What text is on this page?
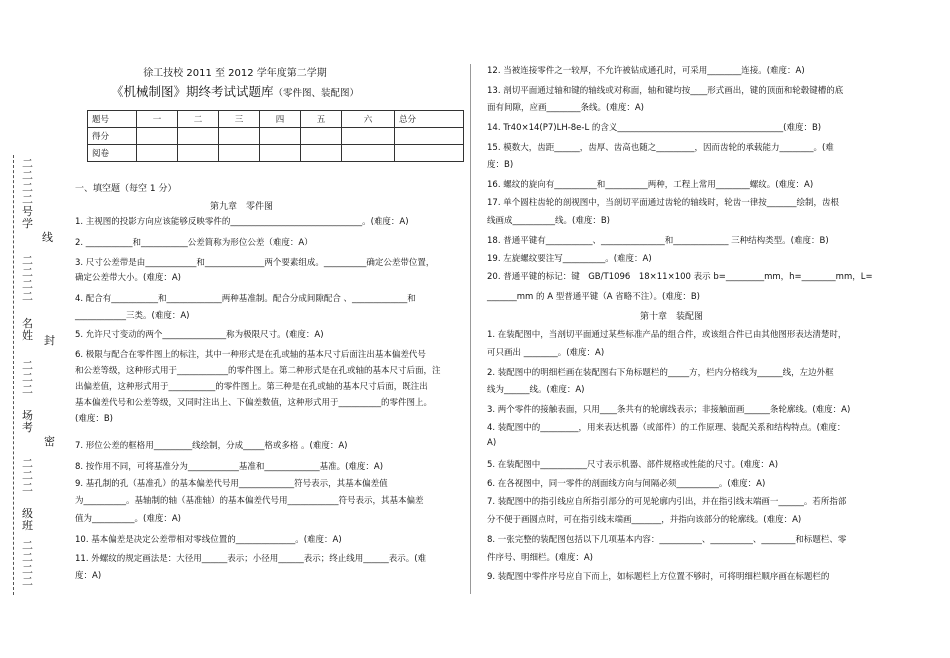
二
二
二
二
号
学
线
二
二
二
二
名
姓 封
二
二
二
场
考
密
二
二
二
级
班
二
二
二
二
徐工技校 2011 至 2012 学年度第二学期
《机械制图》期终考试试题库（零件图、装配图）
题号	一	二	三	四	五	六	总分
得分							
阅卷							
一、填空题（每空 1 分）
第九章　零件图
1. 主视图的投影方向应该能够反映零件的_______________________________。(难度：A)
2. ___________和___________公差简称为形位公差（难度：A）
3. 尺寸公差带是由____________和______________两个要素组成。__________确定公差带位置，
确定公差带大小。(难度：A)
4. 配合有___________和_____________两种基准制。配合分成间隙配合 、_____________和
____________三类。(难度：A)
5. 允许尺寸变动的两个_______________称为极限尺寸。(难度：A)
6. 极限与配合在零件图上的标注，其中一种形式是在孔或轴的基本尺寸后面注出基本偏差代号
和公差等级，这种形式用于____________的零件图上。第二种形式是在孔或轴的基本尺寸后面，注
出偏差值，这种形式用于___________的零件图上。第三种是在孔或轴的基本尺寸后面，既注出
基本偏差代号和公差等级，又同时注出上、下偏差数值，这种形式用于__________的零件图上。
(难度：B)
7. 形位公差的框格用_________线绘制，分成_____格或多格 。(难度：A)
8. 按作用不同，可将基准分为____________基准和_____________基准。(难度：A)
9. 基孔制的孔（基准孔）的基本偏差代号用_____________符号表示，其基本偏差值
为__________。基轴制的轴（基准轴）的基本偏差代号用____________符号表示，其基本偏差
值为__________。(难度：A)
10. 基本偏差是决定公差带相对零线位置的______________。(难度：A)
11. 外螺纹的规定画法是：大径用______表示；小径用______表示；终止线用______表示。(难
度：A)
12. 当被连接零件之一较厚，不允许被钻成通孔时，可采用________连接。(难度：A)
13. 剖切平面通过轴和键的轴线或对称面，轴和键均按____形式画出，键的顶面和轮毂键槽的底
面有间隙，应画________条线。(难度：A)
14. Tr40×14(P7)LH-8e-L 的含义_______________________________________(难度：B)
15. 模数大，齿距______，齿厚、齿高也随之_________，因而齿轮的承载能力________。(难
度：B)
16. 螺纹的旋向有__________和__________两种，工程上常用________螺纹。(难度：A)
17. 单个圆柱齿轮的剖视图中，当剖切平面通过齿轮的轴线时，轮齿一律按_______绘制，齿根
线画成__________线。(难度：B)
18. 普通平键有___________、_______________和_____________ 三种结构类型。(难度：B)
19. 左旋螺纹要注写__________。(难度：A)
20. 普通平键的标记：键　GB/T1096　18×11×100 表示 b=_________mm，h=________mm，L=
_______mm 的 A 型普通平键（A 省略不注）。(难度：B)
第十章　装配图
1. 在装配图中，当剖切平面通过某些标准产品的组合件，或该组合件已由其他图形表达清楚时，
可只画出 ________。(难度：A)
2. 装配图中的明细栏画在装配图右下角标题栏的_____方，栏内分格线为______线，左边外框
线为______线。(难度：A)
3. 两个零件的接触表面，只用____条共有的轮廓线表示；非接触面画______条轮廓线。(难度：A)
4. 装配图中的_________，用来表达机器（或部件）的工作原理、装配关系和结构特点。(难度：
A)
5. 在装配图中___________尺寸表示机器、部件规格或性能的尺寸。(难度：A)
6. 在各视图中，同一零件的剖面线方向与间隔必须__________。(难度：A)
7. 装配图中的指引线应自所指引部分的可见轮廓内引出，并在指引线末端画一______。若所指部
分不便于画圆点时，可在指引线末端画_______，并指向该部分的轮廓线。(难度：A)
8. 一张完整的装配图包括以下几项基本内容：__________、__________、________和标题栏、零
件序号、明细栏。(难度：A)
9. 装配图中零件序号应自下而上，如标题栏上方位置不够时，可将明细栏顺序画在标题栏的
